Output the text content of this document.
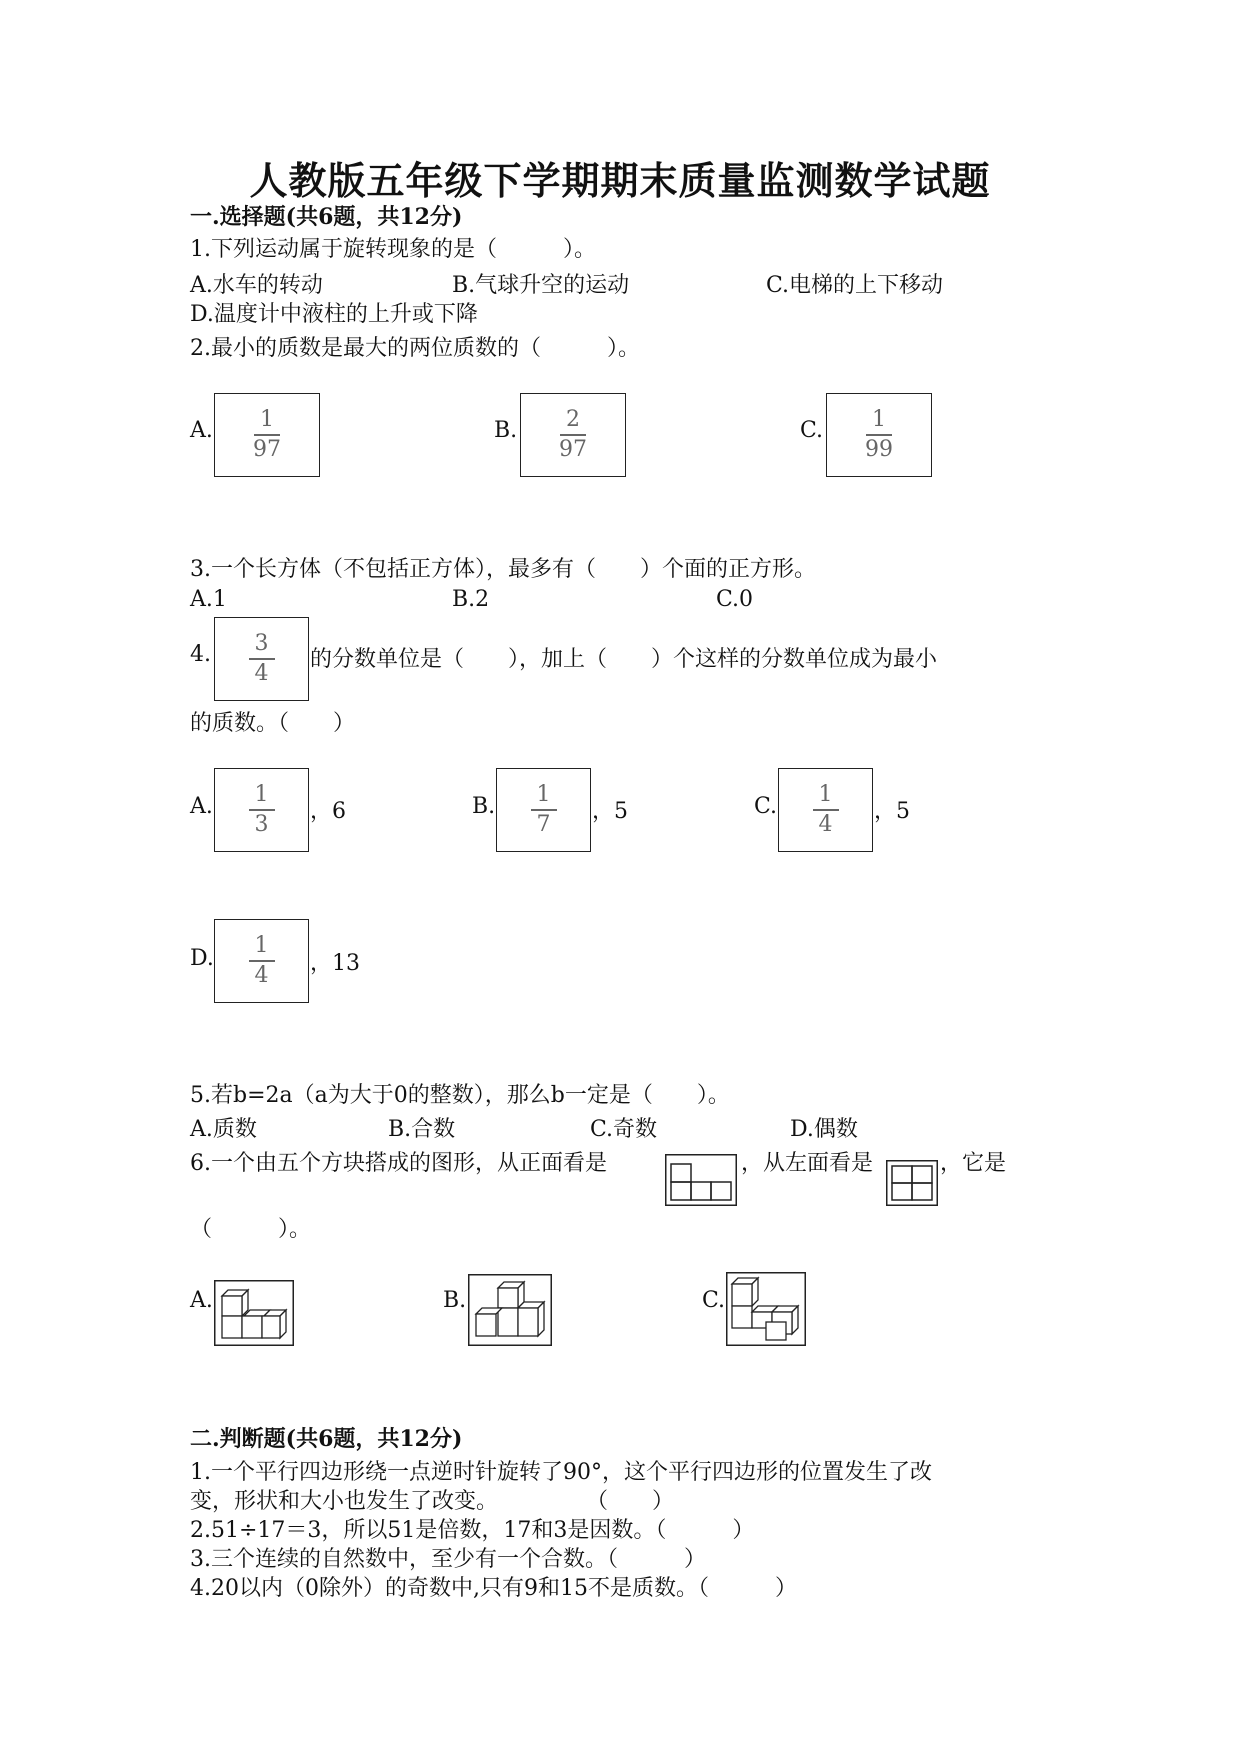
人教版五年级下学期期末质量监测数学试题
一.选择题(共6题，共12分)
1.下列运动属于旋转现象的是（　　　）。
A.水车的转动	B.气球升空的运动	C.电梯的上下移动
D.温度计中液柱的上升或下降
2.最小的质数是最大的两位质数的（　　　）。
A.	1
97
B.	2
97
C.	1
99
3.一个长方体（不包括正方体），最多有（　　）个面的正方形。
A.1	B.2	C.0
4.	3
4
的分数单位是（　　），加上（　　）个这样的分数单位成为最小
的质数。（　　）
A.	1
3	，6	B.	1
7	，5	C.	1
4	，5
D.
1
4	，13
5.若b=2a（a为大于0的整数），那么b一定是（　　）。
A.质数	B.合数	C.奇数	D.偶数
6.一个由五个方块搭成的图形，从正面看是	，从左面看是	，它是
（　　　）。
A.	B.	C.
二.判断题(共6题，共12分)
1.一个平行四边形绕一点逆时针旋转了90°，这个平行四边形的位置发生了改
变，形状和大小也发生了改变。　　　　　（　　）
2.51÷17＝3，所以51是倍数，17和3是因数。（　　　）
3.三个连续的自然数中，至少有一个合数。（　　　）
4.20以内（0除外）的奇数中,只有9和15不是质数。（　　　）
